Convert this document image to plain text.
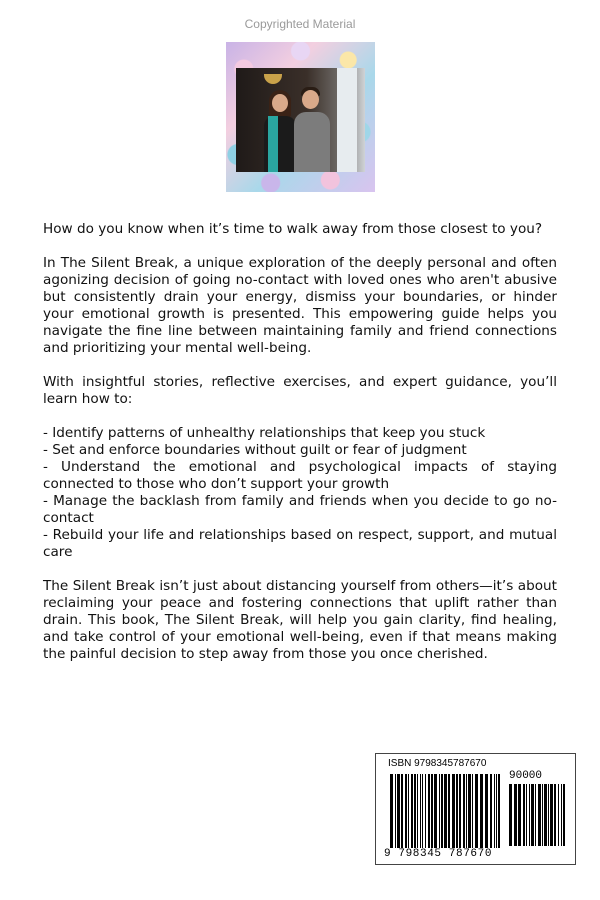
Copyrighted Material

How do you know when it’s time to walk away from those closest to you?

In The Silent Break, a unique exploration of the deeply personal and often agonizing decision of going no-contact with loved ones who aren't abusive but consistently drain your energy, dismiss your boundaries, or hinder your emotional growth is presented. This empowering guide helps you navigate the fine line between maintaining family and friend connections and prioritizing your mental well-being.

With insightful stories, reflective exercises, and expert guidance, you’ll learn how to:

- Identify patterns of unhealthy relationships that keep you stuck

- Set and enforce boundaries without guilt or fear of judgment

- Understand the emotional and psychological impacts of staying connected to those who don’t support your growth

- Manage the backlash from family and friends when you decide to go no-contact

- Rebuild your life and relationships based on respect, support, and mutual care

The Silent Break isn’t just about distancing yourself from others—it’s about reclaiming your peace and fostering connections that uplift rather than drain. This book, The Silent Break, will help you gain clarity, find healing, and take control of your emotional well-being, even if that means making the painful decision to step away from those you once cherished.

ISBN 9798345787670
90000
9 798345 787670
